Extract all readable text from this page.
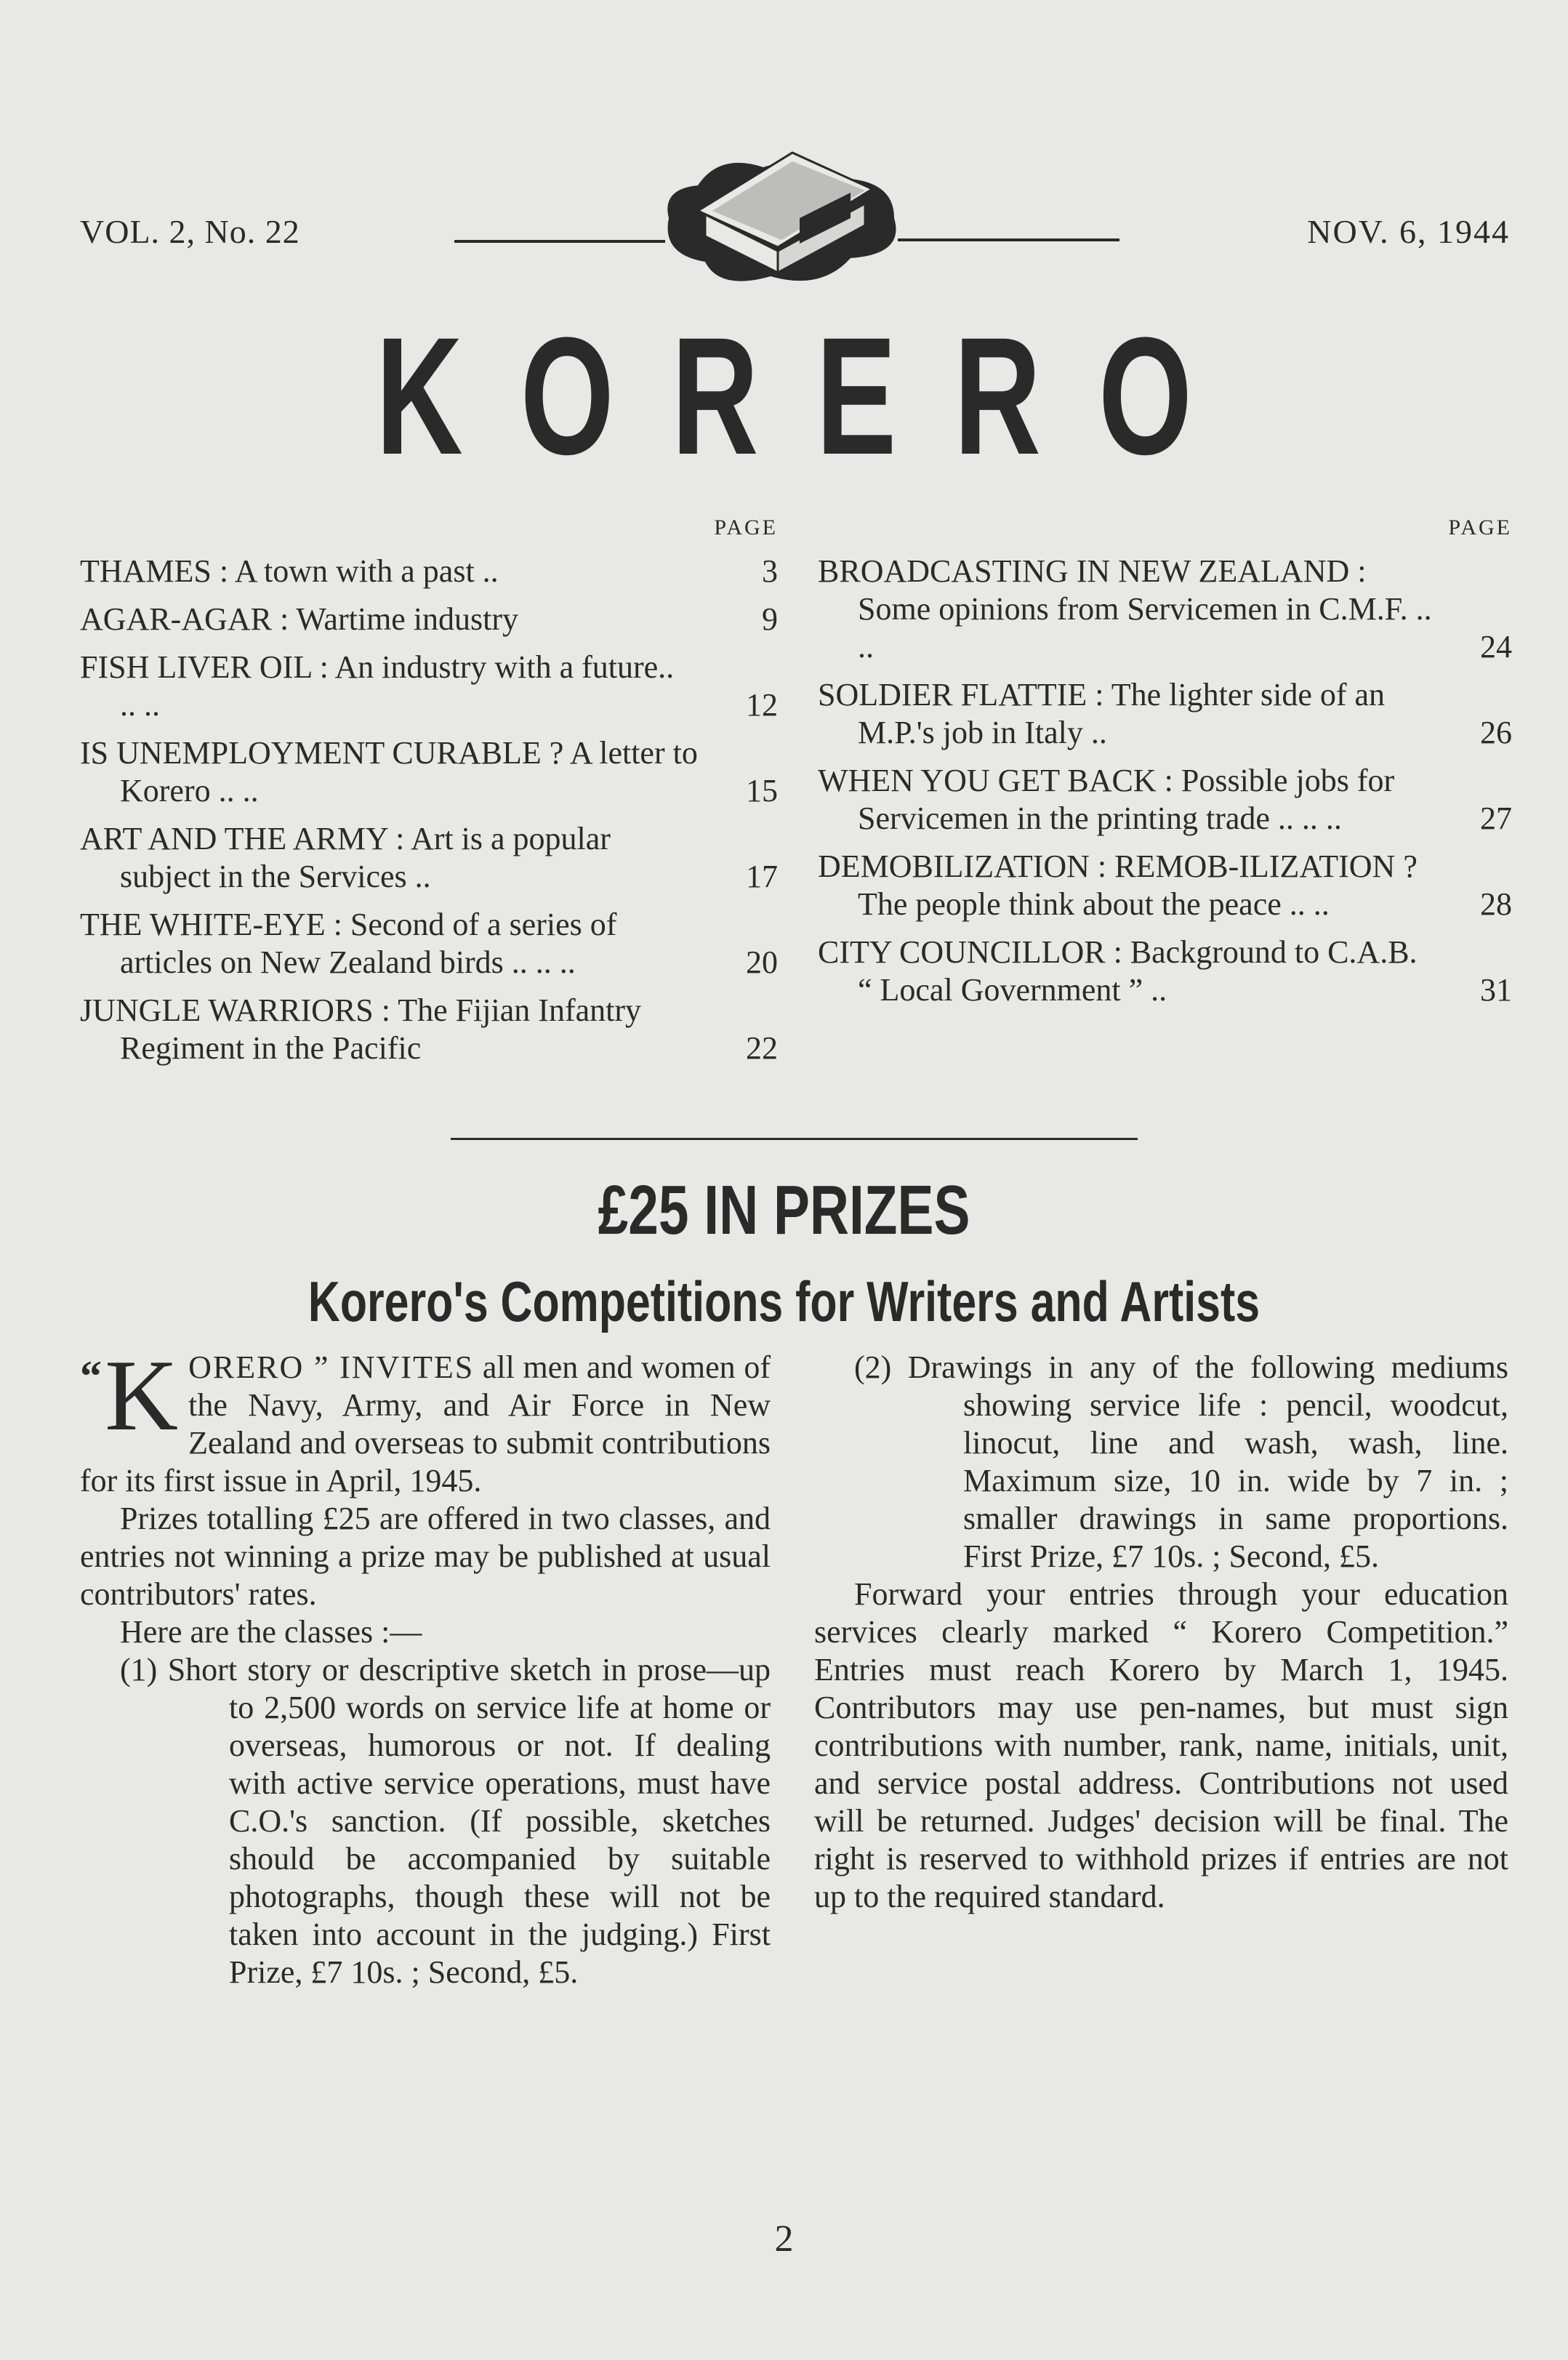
VOL. 2, No. 22	NOV. 6, 1944
KORERO
PAGE
THAMES : A town with a past ..	3
AGAR-AGAR : Wartime industry	9
FISH LIVER OIL : An industry with a future.. .. ..	12
IS UNEMPLOYMENT CURABLE ? A letter to Korero .. ..	15
ART AND THE ARMY : Art is a popular subject in the Services ..	17
THE WHITE-EYE : Second of a series of articles on New Zealand birds .. .. ..	20
JUNGLE WARRIORS : The Fijian Infantry Regiment in the Pacific	22
PAGE
BROADCASTING IN NEW ZEALAND : Some opinions from Servicemen in C.M.F. .. ..	24
SOLDIER FLATTIE : The lighter side of an M.P.'s job in Italy ..	26
WHEN YOU GET BACK : Possible jobs for Servicemen in the printing trade .. .. ..	27
DEMOBILIZATION : REMOB-ILIZATION ? The people think about the peace .. ..	28
CITY COUNCILLOR : Background to C.A.B. “ Local Government ” ..	31
£25 IN PRIZES
Korero's Competitions for Writers and Artists

“ K ORERO ” INVITES all men and women of the Navy, Army, and Air Force in New Zealand and overseas to submit contributions for its first issue in April, 1945.

Prizes totalling £25 are offered in two classes, and entries not winning a prize may be published at usual contributors' rates.

Here are the classes :—

(1) Short story or descriptive sketch in prose—up to 2,500 words on service life at home or overseas, humorous or not. If dealing with active service operations, must have C.O.'s sanction. (If possible, sketches should be accompanied by suitable photographs, though these will not be taken into account in the judging.) First Prize, £7 10s. ; Second, £5.

(2) Drawings in any of the following mediums showing service life : pencil, woodcut, linocut, line and wash, wash, line. Maximum size, 10 in. wide by 7 in. ; smaller drawings in same proportions. First Prize, £7 10s. ; Second, £5.

Forward your entries through your education services clearly marked “ Korero Competition.” Entries must reach Korero by March 1, 1945. Contributors may use pen-names, but must sign contributions with number, rank, name, initials, unit, and service postal address. Contributions not used will be returned. Judges' decision will be final. The right is reserved to withhold prizes if entries are not up to the required standard.

2
